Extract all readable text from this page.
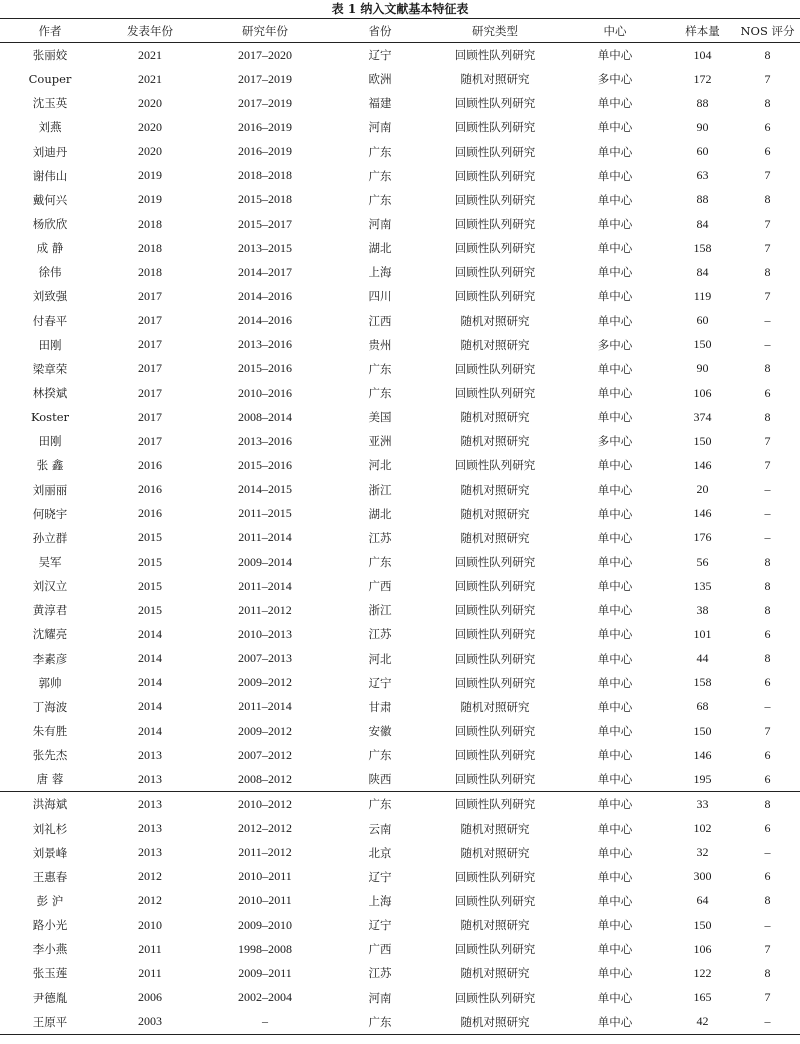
表 1 纳入文献基本特征表
作者	发表年份	研究年份	省份	研究类型	中心	样本量	NOS 评分
张丽姣	2021	2017–2020	辽宁	回顾性队列研究	单中心	104	8
Couper	2021	2017–2019	欧洲	随机对照研究	多中心	172	7
沈玉英	2020	2017–2019	福建	回顾性队列研究	单中心	88	8
刘燕	2020	2016–2019	河南	回顾性队列研究	单中心	90	6
刘迪丹	2020	2016–2019	广东	回顾性队列研究	单中心	60	6
谢伟山	2019	2018–2018	广东	回顾性队列研究	单中心	63	7
戴何兴	2019	2015–2018	广东	回顾性队列研究	单中心	88	8
杨欣欣	2018	2015–2017	河南	回顾性队列研究	单中心	84	7
成 静	2018	2013–2015	湖北	回顾性队列研究	单中心	158	7
徐伟	2018	2014–2017	上海	回顾性队列研究	单中心	84	8
刘致强	2017	2014–2016	四川	回顾性队列研究	单中心	119	7
付春平	2017	2014–2016	江西	随机对照研究	单中心	60	–
田刚	2017	2013–2016	贵州	随机对照研究	多中心	150	–
梁章荣	2017	2015–2016	广东	回顾性队列研究	单中心	90	8
林揆斌	2017	2010–2016	广东	回顾性队列研究	单中心	106	6
Koster	2017	2008–2014	美国	随机对照研究	单中心	374	8
田刚	2017	2013–2016	亚洲	随机对照研究	多中心	150	7
张 鑫	2016	2015–2016	河北	回顾性队列研究	单中心	146	7
刘丽丽	2016	2014–2015	浙江	随机对照研究	单中心	20	–
何晓宇	2016	2011–2015	湖北	随机对照研究	单中心	146	–
孙立群	2015	2011–2014	江苏	随机对照研究	单中心	176	–
吴军	2015	2009–2014	广东	回顾性队列研究	单中心	56	8
刘汉立	2015	2011–2014	广西	回顾性队列研究	单中心	135	8
黄淳君	2015	2011–2012	浙江	回顾性队列研究	单中心	38	8
沈耀亮	2014	2010–2013	江苏	回顾性队列研究	单中心	101	6
李素彦	2014	2007–2013	河北	回顾性队列研究	单中心	44	8
郭帅	2014	2009–2012	辽宁	回顾性队列研究	单中心	158	6
丁海波	2014	2011–2014	甘肃	随机对照研究	单中心	68	–
朱有胜	2014	2009–2012	安徽	回顾性队列研究	单中心	150	7
张先杰	2013	2007–2012	广东	回顾性队列研究	单中心	146	6
唐 蓉	2013	2008–2012	陕西	回顾性队列研究	单中心	195	6
洪海斌	2013	2010–2012	广东	回顾性队列研究	单中心	33	8
刘礼杉	2013	2012–2012	云南	随机对照研究	单中心	102	6
刘景峰	2013	2011–2012	北京	随机对照研究	单中心	32	–
王惠春	2012	2010–2011	辽宁	回顾性队列研究	单中心	300	6
彭 沪	2012	2010–2011	上海	回顾性队列研究	单中心	64	8
路小光	2010	2009–2010	辽宁	随机对照研究	单中心	150	–
李小燕	2011	1998–2008	广西	回顾性队列研究	单中心	106	7
张玉莲	2011	2009–2011	江苏	随机对照研究	单中心	122	8
尹德胤	2006	2002–2004	河南	回顾性队列研究	单中心	165	7
王原平	2003	–	广东	随机对照研究	单中心	42	–
